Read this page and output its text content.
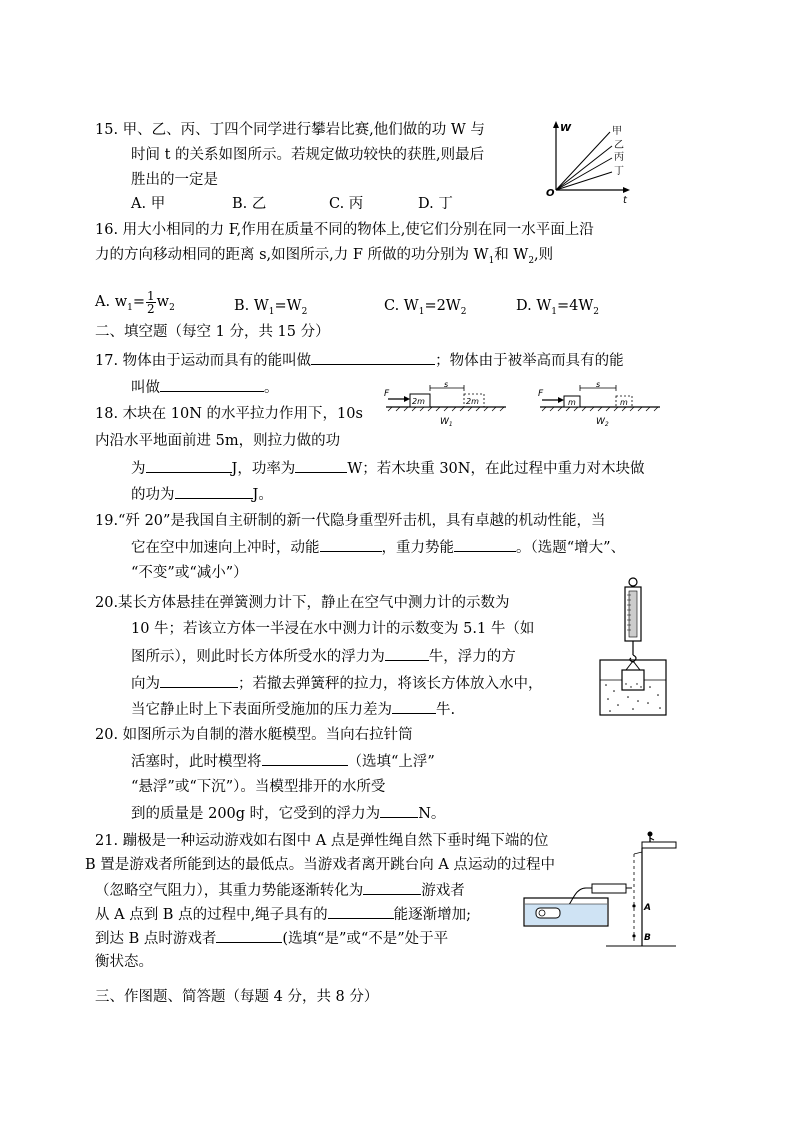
15. 甲、乙、丙、丁四个同学进行攀岩比赛,他们做的功 W 与
时间 t 的关系如图所示。若规定做功较快的获胜,则最后
胜出的一定是
A. 甲	B. 乙	C. 丙	D. 丁
W
O
t
甲
乙
丙
丁
16. 用大小相同的力 F,作用在质量不同的物体上,使它们分别在同一水平面上沿
力的方向移动相同的距离 s,如图所示,力 F 所做的功分别为 $W_1$和 $W_2$,则
A. $w_1= \frac{1}{2} w_2$	B. $W_1=W_2$	C. $W_1=2W_2$	D. $W_1=4W_2$
二、填空题（每空 1 分，共 15 分）
17. 物体由于运动而具有的能叫做	；物体由于被举高而具有的能
叫做	。	F
s
2m	2m
$W_1$
F
s
m	m
$W_2$
18. 木块在 10N 的水平拉力作用下，10s
内沿水平地面前进 5m，则拉力做的功
为	J，功率为	W；若木块重 30N，在此过程中重力对木块做
的功为	J。
19.“歼 20”是我国自主研制的新一代隐身重型歼击机，具有卓越的机动性能，当
它在空中加速向上冲时，动能	，重力势能	。（选题“增大”、
“不变”或“减小”）
20.某长方体悬挂在弹簧测力计下，静止在空气中测力计的示数为
10 牛；若该立方体一半浸在水中测力计的示数变为 5.1 牛（如
图所示），则此时长方体所受水的浮力为	牛，浮力的方
向为	；若撤去弹簧秤的拉力，将该长方体放入水中，
当它静止时上下表面所受施加的压力差为	牛.
20. 如图所示为自制的潜水艇模型。当向右拉针筒
活塞时，此时模型将	（选填“上浮”
“悬浮”或“下沉”）。当模型排开的水所受
到的质量是 200g 时，它受到的浮力为	N。
21. 蹦极是一种运动游戏如右图中 A 点是弹性绳自然下垂时绳下端的位
B 置是游戏者所能到达的最低点。当游戏者离开跳台向 A 点运动的过程中
（忽略空气阻力），其重力势能逐渐转化为	游戏者
从 A 点到 B 点的过程中,绳子具有的	能逐渐增加;
到达 B 点时游戏者	(选填“是”或“不是”处于平
衡状态。
A
B
三、作图题、简答题（每题 4 分，共 8 分）
